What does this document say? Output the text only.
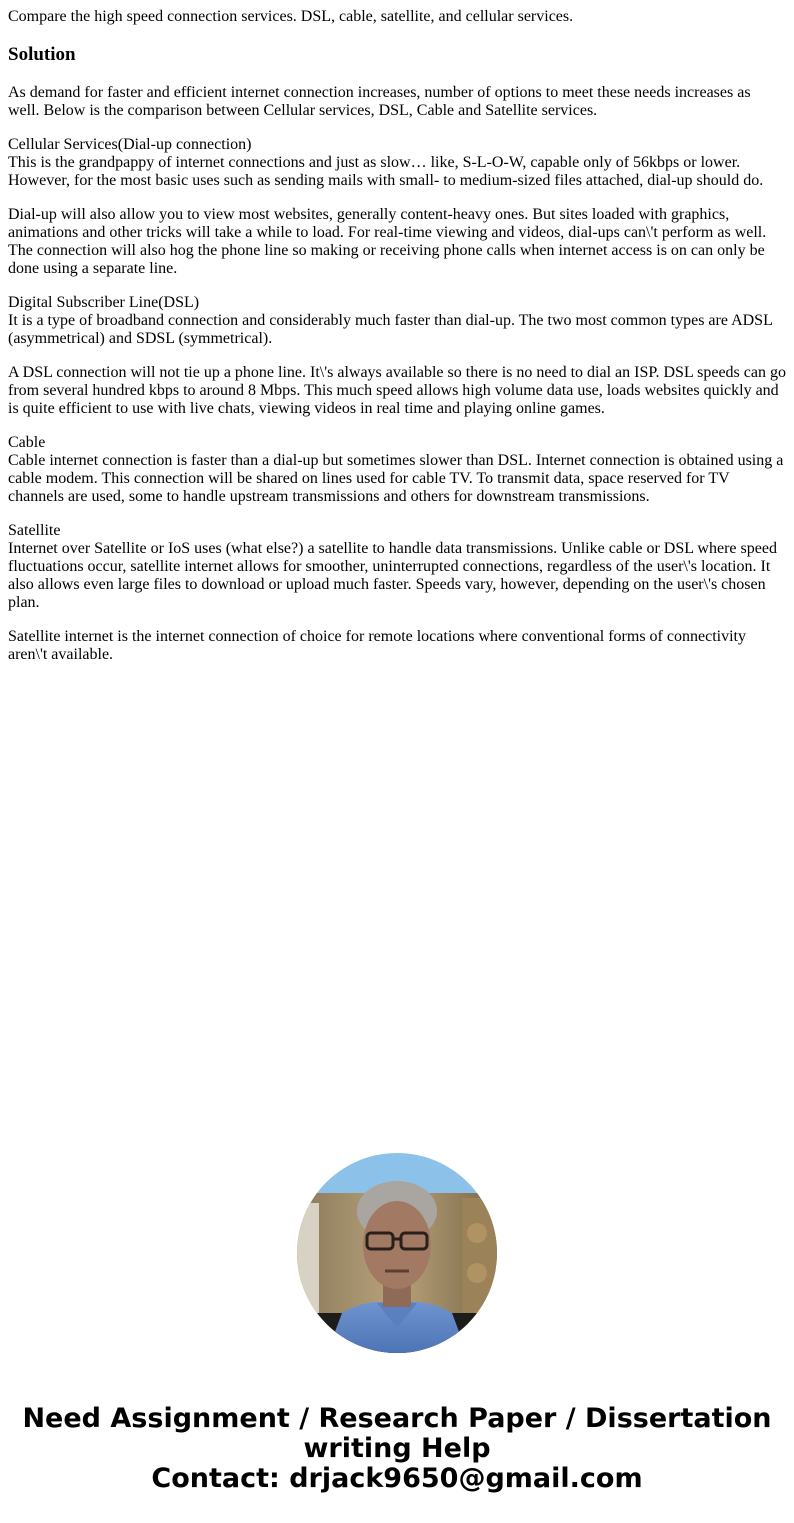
Compare the high speed connection services. DSL, cable, satellite, and cellular services.
Solution

As demand for faster and efficient internet connection increases, number of options to meet these needs increases as well. Below is the comparison between Cellular services, DSL, Cable and Satellite services.

Cellular Services(Dial-up connection)
This is the grandpappy of internet connections and just as slow… like, S-L-O-W, capable only of 56kbps or lower. However, for the most basic uses such as sending mails with small- to medium-sized files attached, dial-up should do.

Dial-up will also allow you to view most websites, generally content-heavy ones. But sites loaded with graphics, animations and other tricks will take a while to load. For real-time viewing and videos, dial-ups can\'t perform as well. The connection will also hog the phone line so making or receiving phone calls when internet access is on can only be done using a separate line.

Digital Subscriber Line(DSL)
It is a type of broadband connection and considerably much faster than dial-up. The two most common types are ADSL (asymmetrical) and SDSL (symmetrical).

A DSL connection will not tie up a phone line. It\'s always available so there is no need to dial an ISP. DSL speeds can go from several hundred kbps to around 8 Mbps. This much speed allows high volume data use, loads websites quickly and is quite efficient to use with live chats, viewing videos in real time and playing online games.

Cable
Cable internet connection is faster than a dial-up but sometimes slower than DSL. Internet connection is obtained using a cable modem. This connection will be shared on lines used for cable TV. To transmit data, space reserved for TV channels are used, some to handle upstream transmissions and others for downstream transmissions.

Satellite
Internet over Satellite or IoS uses (what else?) a satellite to handle data transmissions. Unlike cable or DSL where speed fluctuations occur, satellite internet allows for smoother, uninterrupted connections, regardless of the user\'s location. It also allows even large files to download or upload much faster. Speeds vary, however, depending on the user\'s chosen plan.

Satellite internet is the internet connection of choice for remote locations where conventional forms of connectivity aren\'t available.

Need Assignment / Research Paper / Dissertation
writing Help
Contact: drjack9650@gmail.com
